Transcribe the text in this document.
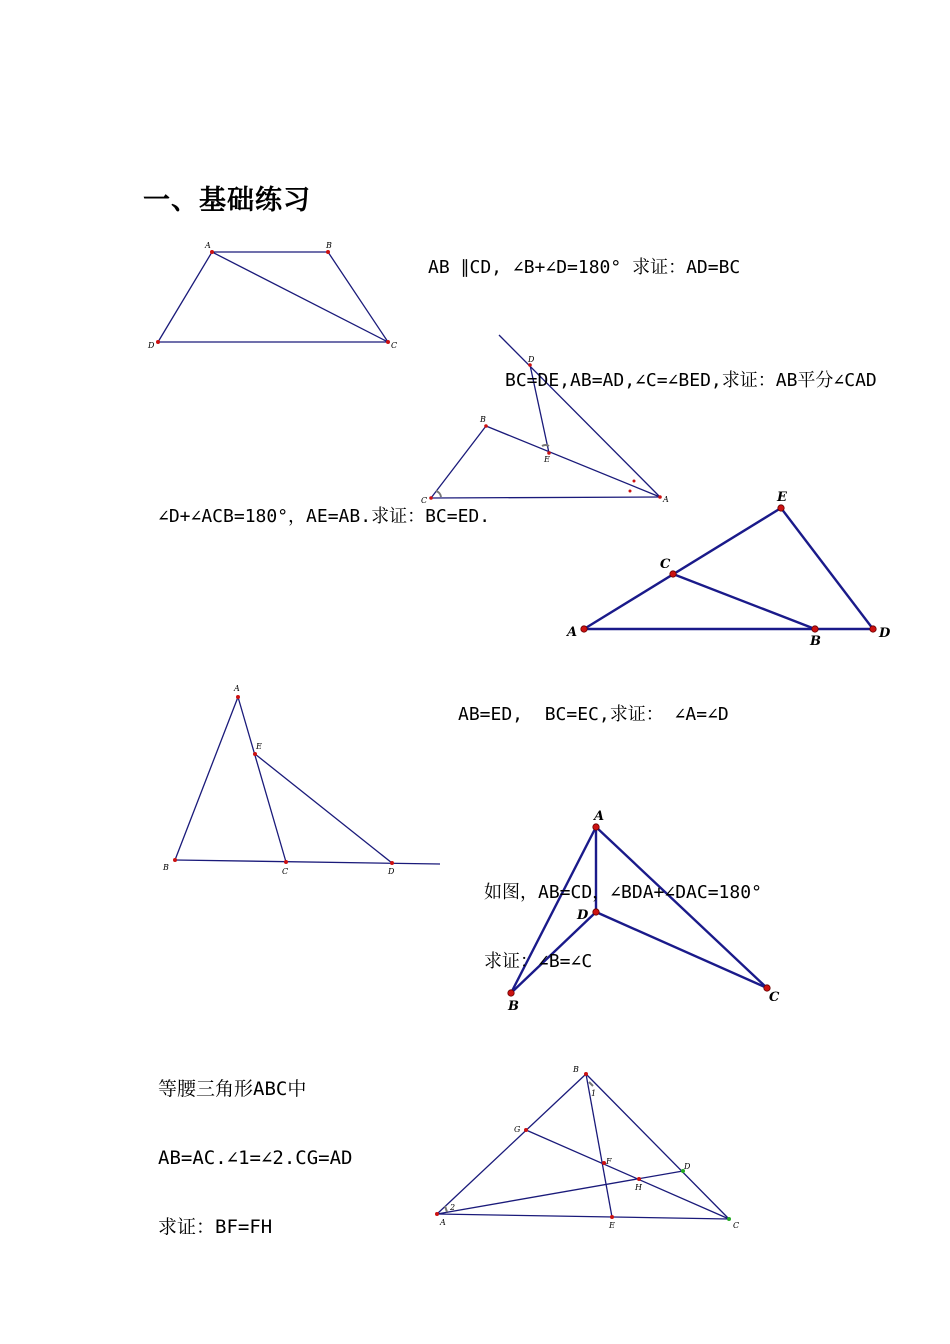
一、基础练习
AB ∥CD, ∠B+∠D=180° 求证：AD=BC
A	B
C
D
D
B
E
C	A
BC=DE,AB=AD,∠C=∠BED,求证：AB平分∠CAD
∠D+∠ACB=180°，AE=AB.求证：BC=ED.
A
C
E
B
D
AB=ED,  BC=EC,求证： ∠A=∠D
A
E
B	C	D
A
D
B
C

如图，AB=CD，∠BDA+∠DAC=180°

求证：∠B=∠C

等腰三角形ABC中

AB=AC.∠1=∠2.CG=AD

求证：BF=FH

B
1
G
F
H
D
2
A	E	C
